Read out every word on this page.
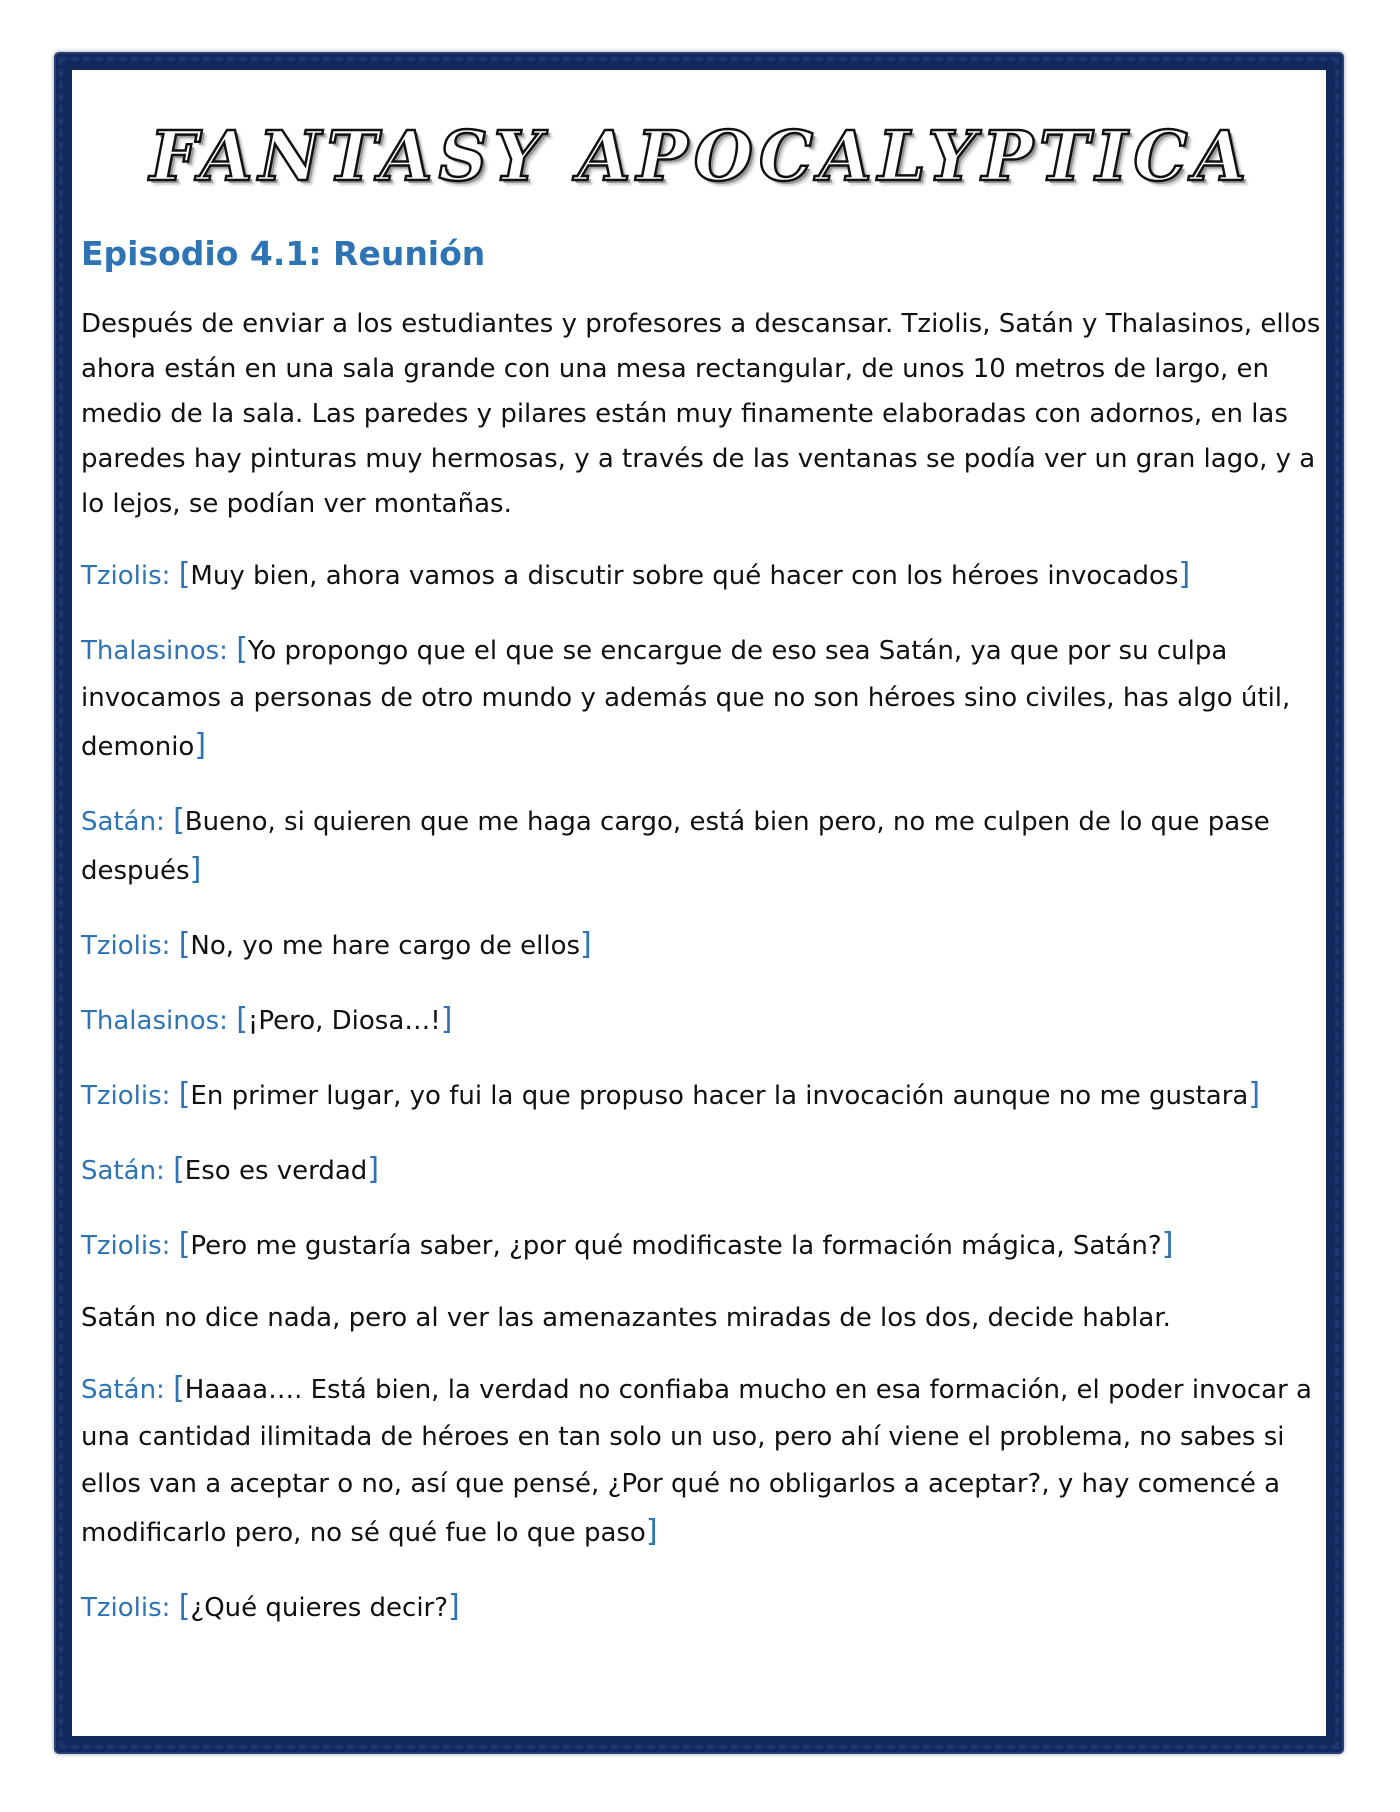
FANTASY APOCALYPTICA
Episodio 4.1: Reunión

Después de enviar a los estudiantes y profesores a descansar. Tziolis, Satán y Thalasinos, ellos ahora están en una sala grande con una mesa rectangular, de unos 10 metros de largo, en medio de la sala. Las paredes y pilares están muy finamente elaboradas con adornos, en las paredes hay pinturas muy hermosas, y a través de las ventanas se podía ver un gran lago, y a lo lejos, se podían ver montañas.

Tziolis: [Muy bien, ahora vamos a discutir sobre qué hacer con los héroes invocados]

Thalasinos: [Yo propongo que el que se encargue de eso sea Satán, ya que por su culpa invocamos a personas de otro mundo y además que no son héroes sino civiles, has algo útil, demonio]

Satán: [Bueno, si quieren que me haga cargo, está bien pero, no me culpen de lo que pase después]

Tziolis: [No, yo me hare cargo de ellos]

Thalasinos: [¡Pero, Diosa…!]

Tziolis: [En primer lugar, yo fui la que propuso hacer la invocación aunque no me gustara]

Satán: [Eso es verdad]

Tziolis: [Pero me gustaría saber, ¿por qué modificaste la formación mágica, Satán?]

Satán no dice nada, pero al ver las amenazantes miradas de los dos, decide hablar.

Satán: [Haaaa…. Está bien, la verdad no confiaba mucho en esa formación, el poder invocar a una cantidad ilimitada de héroes en tan solo un uso, pero ahí viene el problema, no sabes si ellos van a aceptar o no, así que pensé, ¿Por qué no obligarlos a aceptar?, y hay comencé a modificarlo pero, no sé qué fue lo que paso]

Tziolis: [¿Qué quieres decir?]
